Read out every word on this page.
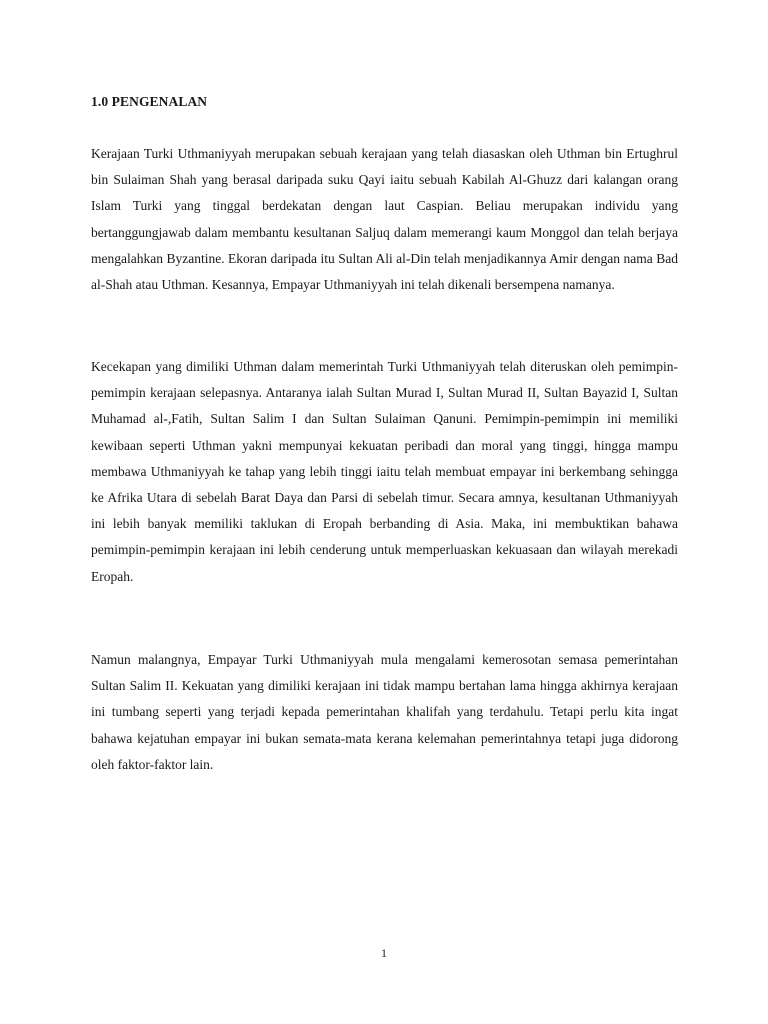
1.0 PENGENALAN

Kerajaan Turki Uthmaniyyah merupakan sebuah kerajaan yang telah diasaskan oleh Uthman bin Ertughrul bin Sulaiman Shah yang berasal daripada suku Qayi iaitu sebuah Kabilah Al-Ghuzz dari kalangan orang Islam Turki yang tinggal berdekatan dengan laut Caspian. Beliau merupakan individu yang bertanggungjawab dalam membantu kesultanan Saljuq dalam memerangi kaum Monggol dan telah berjaya mengalahkan Byzantine. Ekoran daripada itu Sultan Ali al-Din telah menjadikannya Amir dengan nama Bad al-Shah atau Uthman. Kesannya, Empayar Uthmaniyyah ini telah dikenali bersempena namanya.

Kecekapan yang dimiliki Uthman dalam memerintah Turki Uthmaniyyah telah diteruskan oleh pemimpin-pemimpin kerajaan selepasnya. Antaranya ialah Sultan Murad I, Sultan Murad II, Sultan Bayazid I, Sultan Muhamad al-,Fatih, Sultan Salim I dan Sultan Sulaiman Qanuni. Pemimpin-pemimpin ini memiliki kewibaan seperti Uthman yakni mempunyai kekuatan peribadi dan moral yang tinggi, hingga mampu membawa Uthmaniyyah ke tahap yang lebih tinggi iaitu telah membuat empayar ini berkembang sehingga ke Afrika Utara di sebelah Barat Daya dan Parsi di sebelah timur. Secara amnya, kesultanan Uthmaniyyah ini lebih banyak memiliki taklukan di Eropah berbanding di Asia. Maka, ini membuktikan bahawa pemimpin-pemimpin kerajaan ini lebih cenderung untuk memperluaskan kekuasaan dan wilayah merekadi Eropah.

Namun malangnya, Empayar Turki Uthmaniyyah mula mengalami kemerosotan semasa pemerintahan Sultan Salim II. Kekuatan yang dimiliki kerajaan ini tidak mampu bertahan lama hingga akhirnya kerajaan ini tumbang seperti yang terjadi kepada pemerintahan khalifah yang terdahulu. Tetapi perlu kita ingat bahawa kejatuhan empayar ini bukan semata-mata kerana kelemahan pemerintahnya tetapi juga didorong oleh faktor-faktor lain.

1
